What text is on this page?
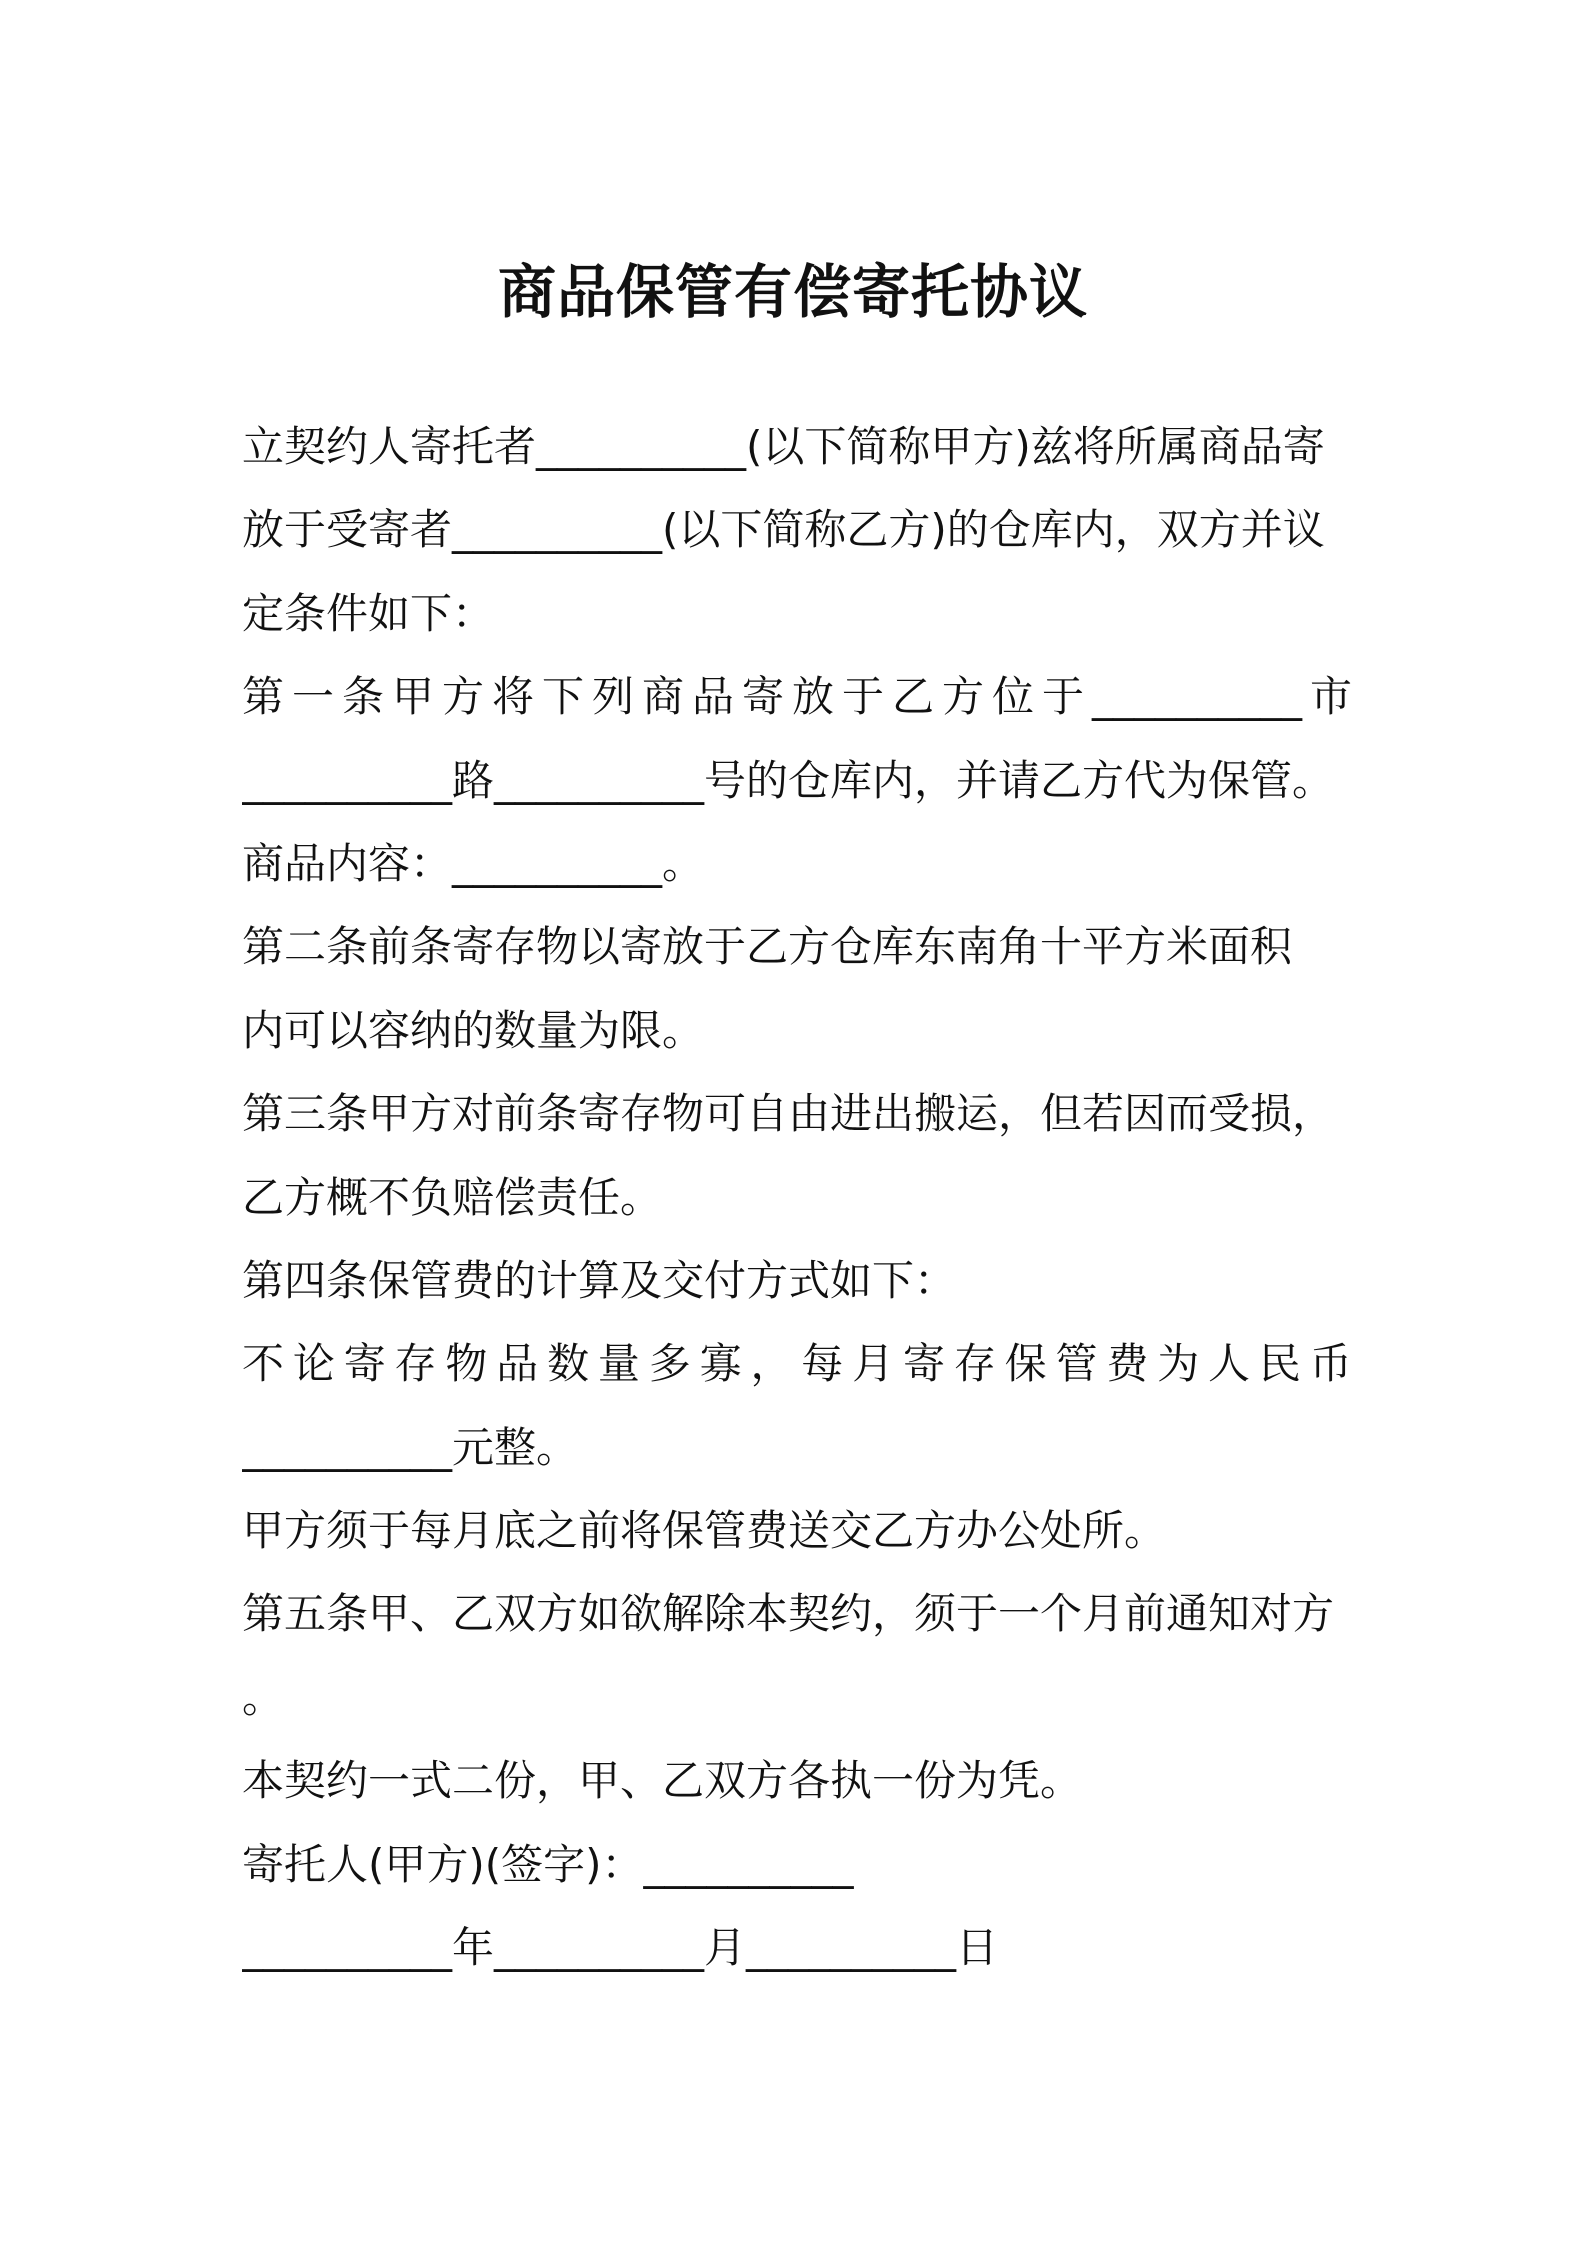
商品保管有偿寄托协议
立契约人寄托者__________(以下简称甲方)兹将所属商品寄
放于受寄者__________(以下简称乙方)的仓库内，双方并议
定条件如下：
第 一 条 甲 方 将 下 列 商 品 寄 放 于 乙 方 位 于 __________ 市
__________路__________号的仓库内，并请乙方代为保管。
商品内容：__________。
第二条前条寄存物以寄放于乙方仓库东南角十平方米面积
内可以容纳的数量为限。
第三条甲方对前条寄存物可自由进出搬运，但若因而受损，
乙方概不负赔偿责任。
第四条保管费的计算及交付方式如下：
不 论 寄 存 物 品 数 量 多 寡 ， 每 月 寄 存 保 管 费 为 人 民 币
__________元整。
甲方须于每月底之前将保管费送交乙方办公处所。
第五条甲、乙双方如欲解除本契约，须于一个月前通知对方
。
本契约一式二份，甲、乙双方各执一份为凭。
寄托人(甲方)(签字)：__________
__________年__________月__________日
